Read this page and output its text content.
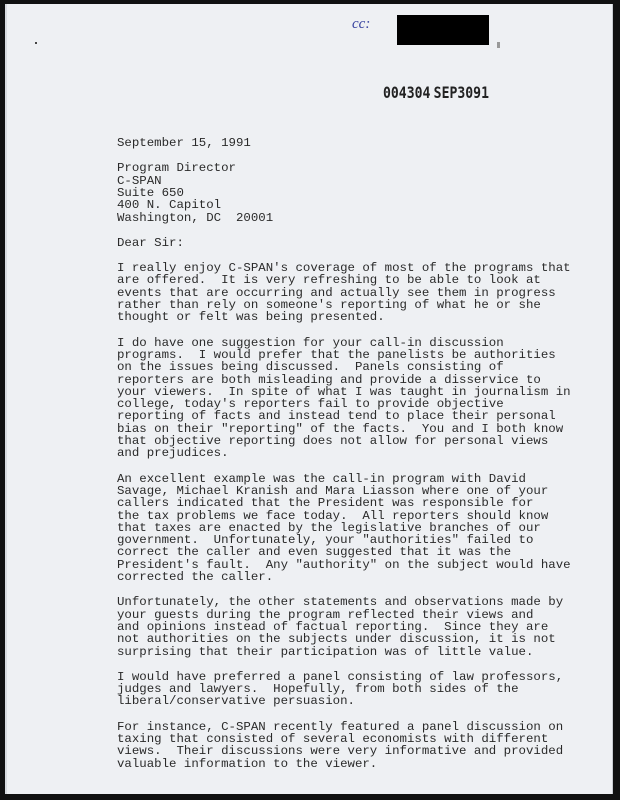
cc:
004304 SEP3091
September 15, 1991
Program Director
C-SPAN
Suite 650
400 N. Capitol
Washington, DC  20001
Dear Sir:
I really enjoy C-SPAN's coverage of most of the programs that
are offered.  It is very refreshing to be able to look at
events that are occurring and actually see them in progress
rather than rely on someone's reporting of what he or she
thought or felt was being presented.
I do have one suggestion for your call-in discussion
programs.  I would prefer that the panelists be authorities
on the issues being discussed.  Panels consisting of
reporters are both misleading and provide a disservice to
your viewers.  In spite of what I was taught in journalism in
college, today's reporters fail to provide objective
reporting of facts and instead tend to place their personal
bias on their "reporting" of the facts.  You and I both know
that objective reporting does not allow for personal views
and prejudices.
An excellent example was the call-in program with David
Savage, Michael Kranish and Mara Liasson where one of your
callers indicated that the President was responsible for
the tax problems we face today.  All reporters should know
that taxes are enacted by the legislative branches of our
government.  Unfortunately, your "authorities" failed to
correct the caller and even suggested that it was the
President's fault.  Any "authority" on the subject would have
corrected the caller.
Unfortunately, the other statements and observations made by
your guests during the program reflected their views and
and opinions instead of factual reporting.  Since they are
not authorities on the subjects under discussion, it is not
surprising that their participation was of little value.
I would have preferred a panel consisting of law professors,
judges and lawyers.  Hopefully, from both sides of the
liberal/conservative persuasion.
For instance, C-SPAN recently featured a panel discussion on
taxing that consisted of several economists with different
views.  Their discussions were very informative and provided
valuable information to the viewer.
